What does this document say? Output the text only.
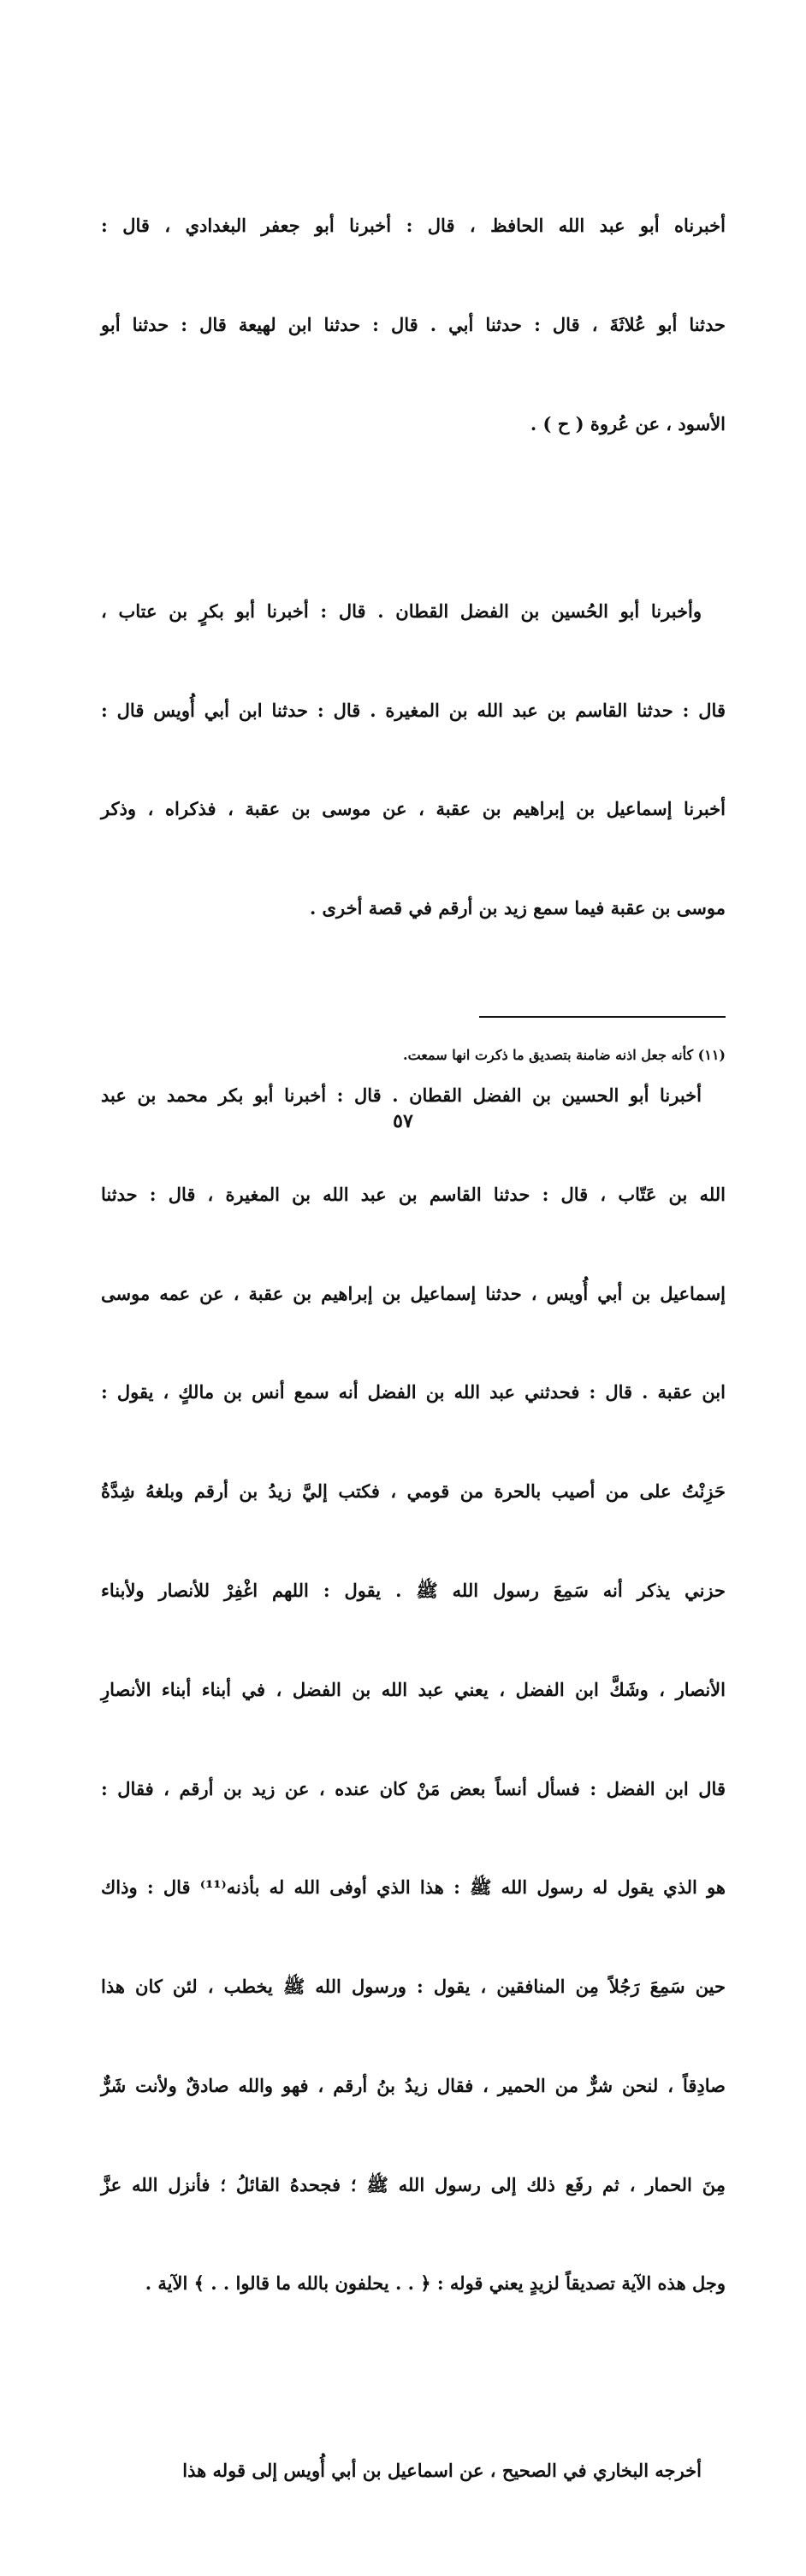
أخبرناه أبو عبد الله الحافظ ، قال : أخبرنا أبو جعفر البغدادي ، قال :

حدثنا أبو عُلاثَةَ ، قال : حدثنا أبي . قال : حدثنا ابن لهيعة قال : حدثنا أبو

الأسود ، عن عُروة ( ح ) .

وأخبرنا أبو الحُسين بن الفضل القطان . قال : أخبرنا أبو بكرٍ بن عتاب ،

قال : حدثنا القاسم بن عبد الله بن المغيرة . قال : حدثنا ابن أبي أُويس قال :

أخبرنا إسماعيل بن إبراهيم بن عقبة ، عن موسى بن عقبة ، فذكراه ، وذكر

موسى بن عقبة فيما سمع زيد بن أرقم في قصة أخرى .

أخبرنا أبو الحسين بن الفضل القطان . قال : أخبرنا أبو بكر محمد بن عبد

الله بن عَتّاب ، قال : حدثنا القاسم بن عبد الله بن المغيرة ، قال : حدثنا

إسماعيل بن أبي أُويس ، حدثنا إسماعيل بن إبراهيم بن عقبة ، عن عمه موسى

ابن عقبة . قال : فحدثني عبد الله بن الفضل أنه سمع أنس بن مالكٍ ، يقول :

حَزِنْتُ على من أصيب بالحرة من قومي ، فكتب إليَّ زيدُ بن أرقم وبلغهُ شِدَّةُ

حزني يذكر أنه سَمِعَ رسول الله ﷺ . يقول : اللهم اغْفِرْ للأنصار ولأبناء

الأنصار ، وشَكَّ ابن الفضل ، يعني عبد الله بن الفضل ، في أبناء أبناء الأنصارِ

قال ابن الفضل : فسأل أنساً بعض مَنْ كان عنده ، عن زيد بن أرقم ، فقال :

هو الذي يقول له رسول الله ﷺ : هذا الذي أوفى الله له بأذنه⁽¹¹⁾ قال : وذاك

حين سَمِعَ رَجُلاً مِن المنافقين ، يقول : ورسول الله ﷺ يخطب ، لئن كان هذا

صادِقاً ، لنحن شرٌّ من الحمير ، فقال زيدُ بنُ أرقم ، فهو والله صادقٌ ولأنت شَرٌّ

مِنَ الحمار ، ثم رفَع ذلك إلى رسول الله ﷺ ؛ فجحدهُ القائلُ ؛ فأنزل الله عزَّ

وجل هذه الآية تصديقاً لزيدٍ يعني قوله : ﴿ . . يحلفون بالله ما قالوا . . ﴾ الآية .

أخرجه البخاري في الصحيح ، عن اسماعيل بن أبي أُويس إلى قوله هذا

(١١) كأنه جعل اذنه ضامنة بتصديق ما ذكرت انها سمعت.
٥٧
